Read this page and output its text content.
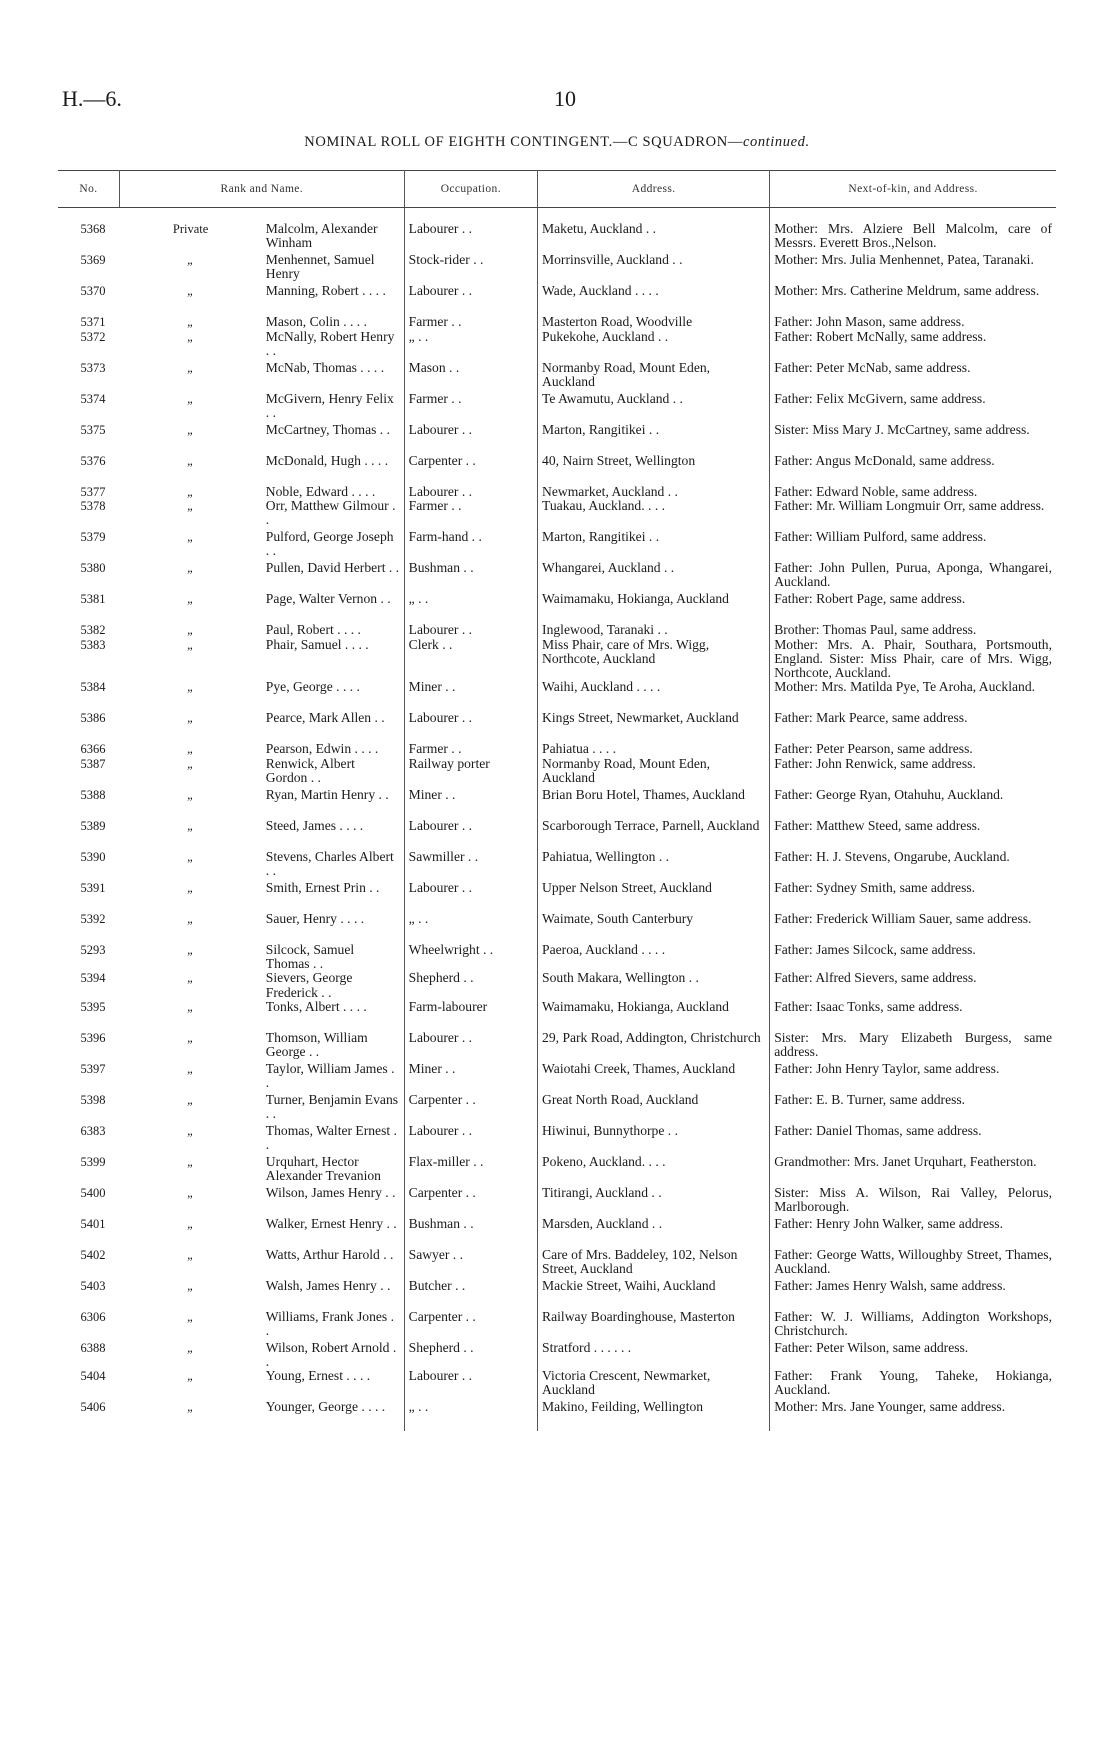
H.—6.	10
NOMINAL ROLL OF EIGHTH CONTINGENT.—C SQUADRON—continued.
No.	Rank and Name.		Occupation.	Address.	Next-of-kin, and Address.
5368	Private	Malcolm, Alexander Winham	Labourer . .	Maketu, Auckland . .	Mother: Mrs. Alziere Bell Malcolm, care of Messrs. Everett Bros.,Nelson.
5369	„	Menhennet, Samuel Henry	Stock-rider . .	Morrinsville, Auckland . .	Mother: Mrs. Julia Menhennet, Patea, Taranaki.
5370	„	Manning, Robert . . . .	Labourer . .	Wade, Auckland . . . .	Mother: Mrs. Catherine Meldrum, same address.
5371	„	Mason, Colin . . . .	Farmer . .	Masterton Road, Woodville	Father: John Mason, same address.
5372	„	McNally, Robert Henry . .	„ . .	Pukekohe, Auckland . .	Father: Robert McNally, same address.
5373	„	McNab, Thomas . . . .	Mason . .	Normanby Road, Mount Eden, Auckland	Father: Peter McNab, same address.
5374	„	McGivern, Henry Felix . .	Farmer . .	Te Awamutu, Auckland . .	Father: Felix McGivern, same address.
5375	„	McCartney, Thomas . .	Labourer . .	Marton, Rangitikei . .	Sister: Miss Mary J. McCartney, same address.
5376	„	McDonald, Hugh . . . .	Carpenter . .	40, Nairn Street, Wellington	Father: Angus McDonald, same address.
5377	„	Noble, Edward . . . .	Labourer . .	Newmarket, Auckland . .	Father: Edward Noble, same address.
5378	„	Orr, Matthew Gilmour . .	Farmer . .	Tuakau, Auckland. . . .	Father: Mr. William Longmuir Orr, same address.
5379	„	Pulford, George Joseph . .	Farm-hand . .	Marton, Rangitikei . .	Father: William Pulford, same address.
5380	„	Pullen, David Herbert . .	Bushman . .	Whangarei, Auckland . .	Father: John Pullen, Purua, Aponga, Whangarei, Auckland.
5381	„	Page, Walter Vernon . .	„ . .	Waimamaku, Hokianga, Auckland	Father: Robert Page, same address.
5382	„	Paul, Robert . . . .	Labourer . .	Inglewood, Taranaki . .	Brother: Thomas Paul, same address.
5383	„	Phair, Samuel . . . .	Clerk . .	Miss Phair, care of Mrs. Wigg, Northcote, Auckland	Mother: Mrs. A. Phair, Southara, Portsmouth, England. Sister: Miss Phair, care of Mrs. Wigg, Northcote, Auckland.
5384	„	Pye, George . . . .	Miner . .	Waihi, Auckland . . . .	Mother: Mrs. Matilda Pye, Te Aroha, Auckland.
5386	„	Pearce, Mark Allen . .	Labourer . .	Kings Street, Newmarket, Auckland	Father: Mark Pearce, same address.
6366	„	Pearson, Edwin . . . .	Farmer . .	Pahiatua . . . .	Father: Peter Pearson, same address.
5387	„	Renwick, Albert Gordon . .	Railway porter	Normanby Road, Mount Eden, Auckland	Father: John Renwick, same address.
5388	„	Ryan, Martin Henry . .	Miner . .	Brian Boru Hotel, Thames, Auckland	Father: George Ryan, Otahuhu, Auckland.
5389	„	Steed, James . . . .	Labourer . .	Scarborough Terrace, Parnell, Auckland	Father: Matthew Steed, same address.
5390	„	Stevens, Charles Albert . .	Sawmiller . .	Pahiatua, Wellington . .	Father: H. J. Stevens, Ongarube, Auckland.
5391	„	Smith, Ernest Prin . .	Labourer . .	Upper Nelson Street, Auckland	Father: Sydney Smith, same address.
5392	„	Sauer, Henry . . . .	„ . .	Waimate, South Canterbury	Father: Frederick William Sauer, same address.
5293	„	Silcock, Samuel Thomas . .	Wheelwright . .	Paeroa, Auckland . . . .	Father: James Silcock, same address.
5394	„	Sievers, George Frederick . .	Shepherd . .	South Makara, Wellington . .	Father: Alfred Sievers, same address.
5395	„	Tonks, Albert . . . .	Farm-labourer	Waimamaku, Hokianga, Auckland	Father: Isaac Tonks, same address.
5396	„	Thomson, William George . .	Labourer . .	29, Park Road, Addington, Christchurch	Sister: Mrs. Mary Elizabeth Burgess, same address.
5397	„	Taylor, William James . .	Miner . .	Waiotahi Creek, Thames, Auckland	Father: John Henry Taylor, same address.
5398	„	Turner, Benjamin Evans . .	Carpenter . .	Great North Road, Auckland	Father: E. B. Turner, same address.
6383	„	Thomas, Walter Ernest . .	Labourer . .	Hiwinui, Bunnythorpe . .	Father: Daniel Thomas, same address.
5399	„	Urquhart, Hector Alexander Trevanion	Flax-miller . .	Pokeno, Auckland. . . .	Grandmother: Mrs. Janet Urquhart, Featherston.
5400	„	Wilson, James Henry . .	Carpenter . .	Titirangi, Auckland . .	Sister: Miss A. Wilson, Rai Valley, Pelorus, Marlborough.
5401	„	Walker, Ernest Henry . .	Bushman . .	Marsden, Auckland . .	Father: Henry John Walker, same address.
5402	„	Watts, Arthur Harold . .	Sawyer . .	Care of Mrs. Baddeley, 102, Nelson Street, Auckland	Father: George Watts, Willoughby Street, Thames, Auckland.
5403	„	Walsh, James Henry . .	Butcher . .	Mackie Street, Waihi, Auckland	Father: James Henry Walsh, same address.
6306	„	Williams, Frank Jones . .	Carpenter . .	Railway Boardinghouse, Masterton	Father: W. J. Williams, Addington Workshops, Christchurch.
6388	„	Wilson, Robert Arnold . .	Shepherd . .	Stratford . . . . . .	Father: Peter Wilson, same address.
5404	„	Young, Ernest . . . .	Labourer . .	Victoria Crescent, Newmarket, Auckland	Father: Frank Young, Taheke, Hokianga, Auckland.
5406	„	Younger, George . . . .	„ . .	Makino, Feilding, Wellington	Mother: Mrs. Jane Younger, same address.
